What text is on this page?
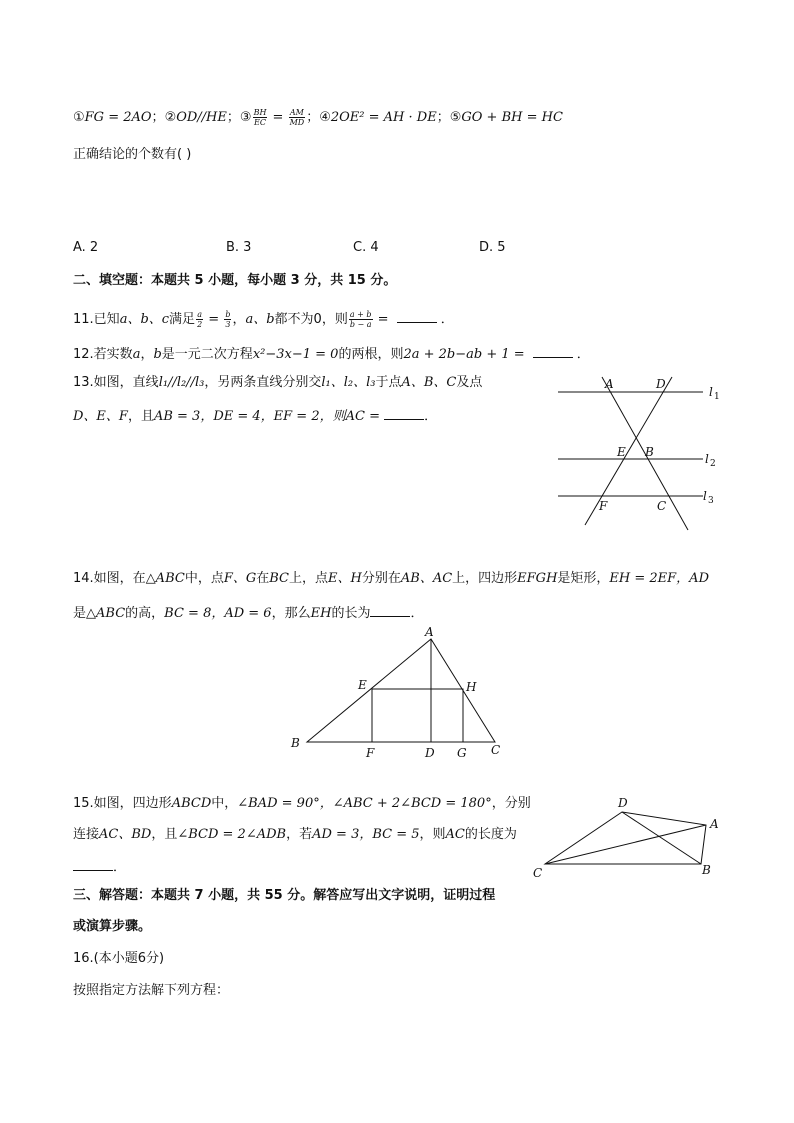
①FG = 2AO；②OD//HE；③ $\frac{BH}{EC} = \frac{AM}{MD}$ ；④2OE² = AH · DE；⑤GO + BH = HC
正确结论的个数有( )
A. 2	B. 3	C. 4	D. 5
二、填空题：本题共 5 小题，每小题 3 分，共 15 分。
11.已知a、b、c满足 $\frac{a}{2} = \frac{b}{3}$ ，a、b都不为0，则 $\frac{a + b}{b - a}$ =	．
12.若实数a，b是一元二次方程x²−3x−1 = 0的两根，则2a + 2b−ab + 1 =	．
13.如图，直线l₁//l₂//l₃，另两条直线分别交l₁、l₂、l₃于点A、B、C及点
D、E、F，且AB = 3，DE = 4，EF = 2，则AC =	．
A	D
E B
F	C
l 1
l 2
l 3
14.如图，在△ABC中，点F、G在BC上，点E、H分别在AB、AC上，四边形EFGH是矩形，EH = 2EF，AD
是△ABC的高，BC = 8，AD = 6，那么EH的长为	．
A
E	H
B
F	D G C
15.如图，四边形ABCD中，∠BAD = 90°，∠ABC + 2∠BCD = 180°，分别
连接AC、BD，且∠BCD = 2∠ADB，若AD = 3，BC = 5，则AC的长度为
．
D
A
C	B
三、解答题：本题共 7 小题，共 55 分。解答应写出文字说明，证明过程
或演算步骤。
16.(本小题6分)
按照指定方法解下列方程：
